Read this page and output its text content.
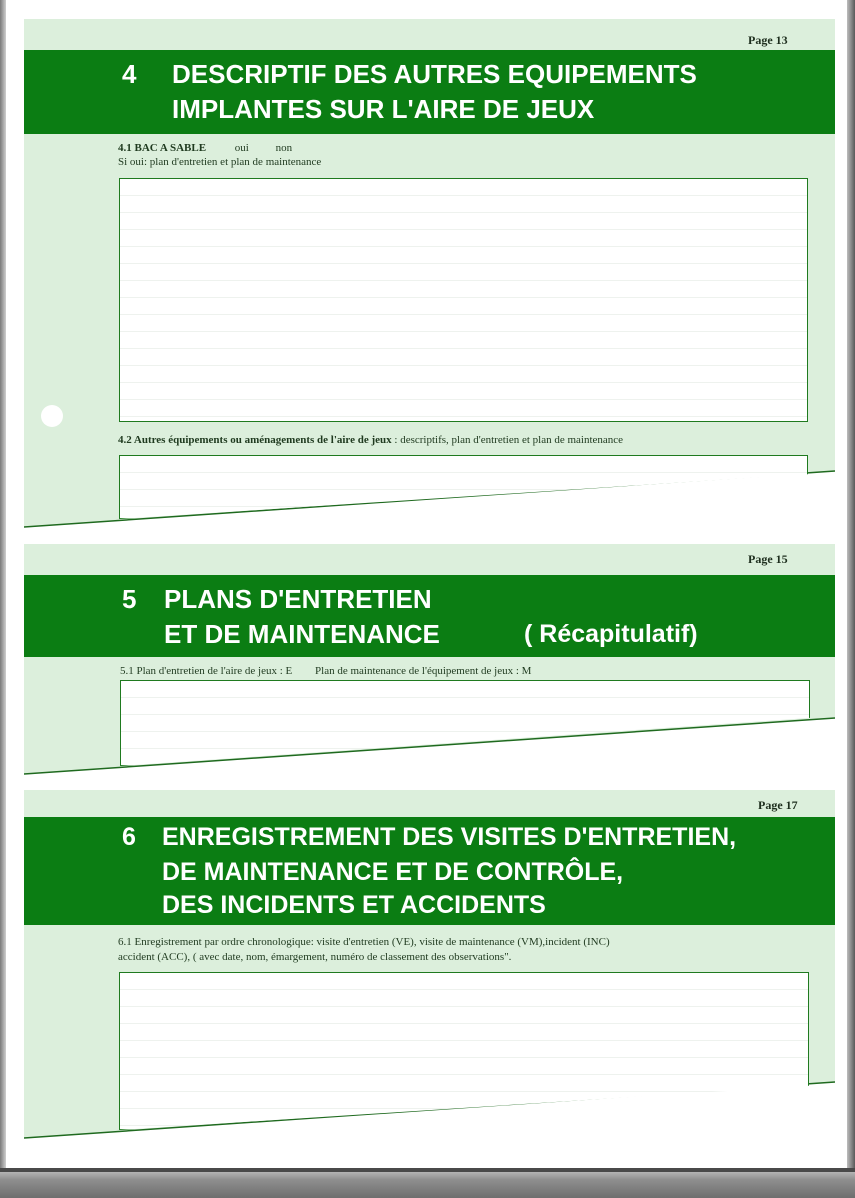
Page 13
4 DESCRIPTIF DES AUTRES EQUIPEMENTS
IMPLANTES SUR L'AIRE DE JEUX
4.1 BAC A SABLE	oui non
Si oui: plan d'entretien et plan de maintenance
4.2 Autres équipements ou aménagements de l'aire de jeux : descriptifs, plan d'entretien et plan de maintenance
Page 15
5 PLANS D'ENTRETIEN
ET DE MAINTENANCE	( Récapitulatif)
5.1 Plan d'entretien de l'aire de jeux : E Plan de maintenance de l'équipement de jeux : M
Page 17
6 ENREGISTREMENT DES VISITES D'ENTRETIEN,
DE MAINTENANCE ET DE CONTRÔLE,
DES INCIDENTS ET ACCIDENTS
6.1 Enregistrement par ordre chronologique: visite d'entretien (VE), visite de maintenance (VM),incident (INC)
accident (ACC), ( avec date, nom, émargement, numéro de classement des observations".
